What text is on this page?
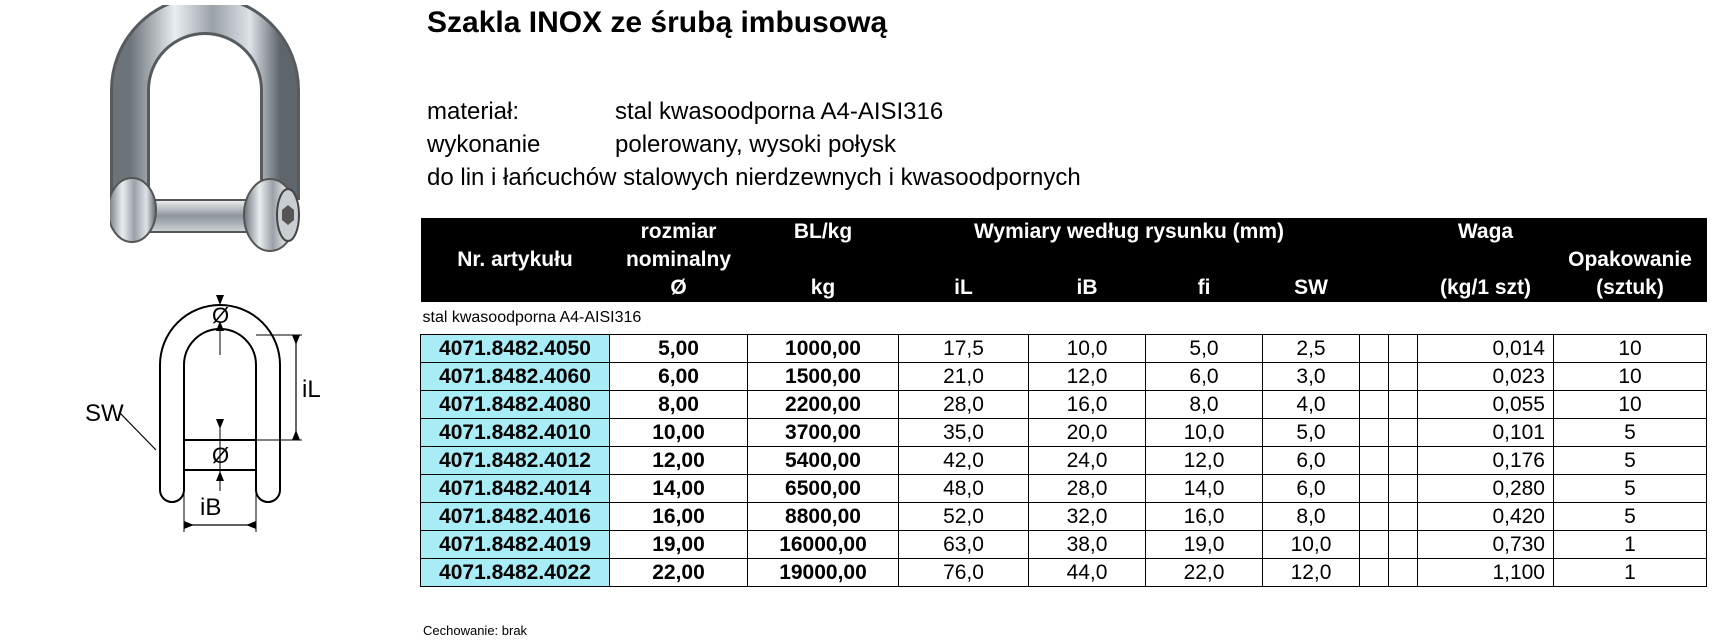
Ø
Ø
iL
iB
SW
Szakla INOX ze śrubą imbusową
materiał:	stal kwasoodporna A4-AISI316
wykonanie	polerowany, wysoki połysk
do lin i łańcuchów stalowych nierdzewnych i kwasoodpornych
	rozmiar	BL/kg	Wymiary według rysunku (mm)						Waga	
Nr. artykułu	nominalny									Opakowanie
	Ø	kg	iL	iB	fi	SW			(kg/1 szt)	(sztuk)
stal kwasoodporna A4-AISI316										
4071.8482.4050	5,00	1000,00	17,5	10,0	5,0	2,5			0,014	10
4071.8482.4060	6,00	1500,00	21,0	12,0	6,0	3,0			0,023	10
4071.8482.4080	8,00	2200,00	28,0	16,0	8,0	4,0			0,055	10
4071.8482.4010	10,00	3700,00	35,0	20,0	10,0	5,0			0,101	5
4071.8482.4012	12,00	5400,00	42,0	24,0	12,0	6,0			0,176	5
4071.8482.4014	14,00	6500,00	48,0	28,0	14,0	6,0			0,280	5
4071.8482.4016	16,00	8800,00	52,0	32,0	16,0	8,0			0,420	5
4071.8482.4019	19,00	16000,00	63,0	38,0	19,0	10,0			0,730	1
4071.8482.4022	22,00	19000,00	76,0	44,0	22,0	12,0			1,100	1
Cechowanie: brak
